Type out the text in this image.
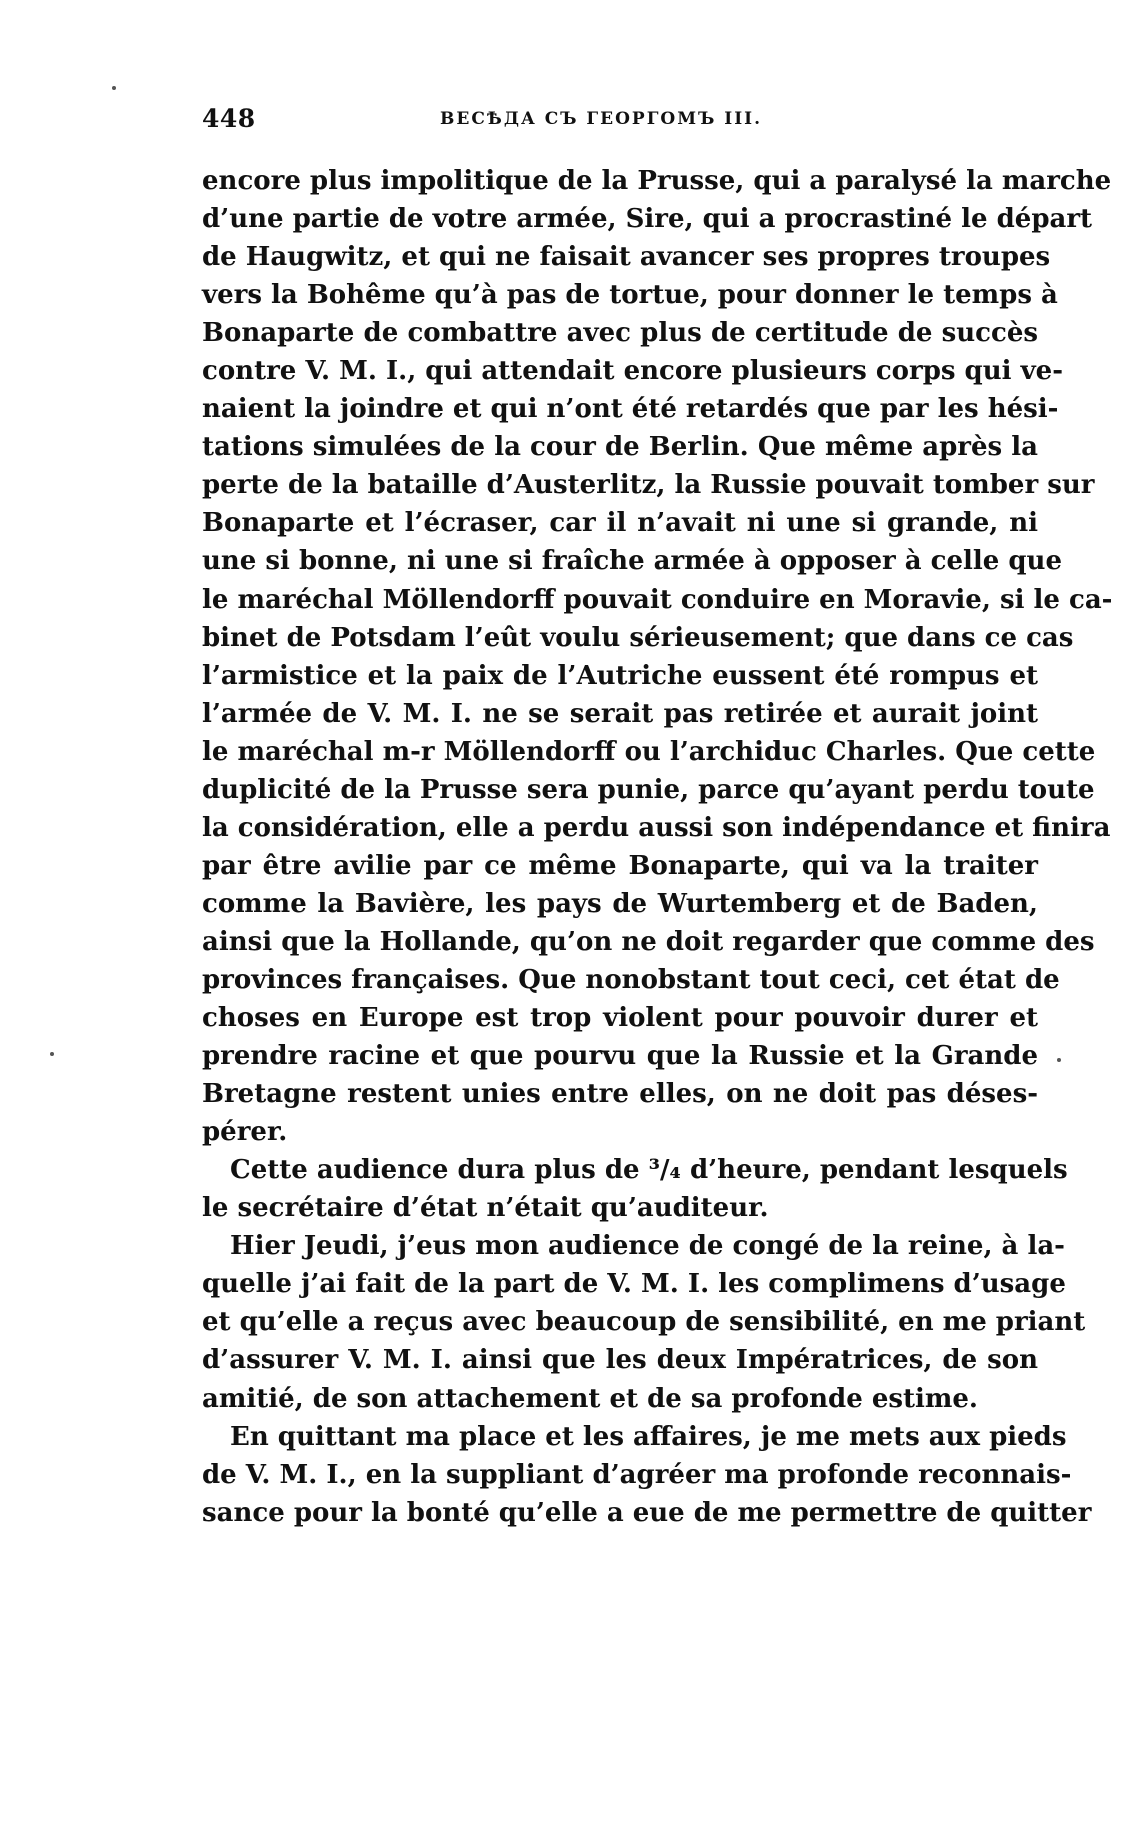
448	ВЕСѢДА СЪ ГЕОРГОМЪ III.
encore plus impolitique de la Prusse, qui a paralysé la marche
d’une partie de votre armée, Sire, qui a procrastiné le départ
de Haugwitz, et qui ne faisait avancer ses propres troupes
vers la Bohême qu’à pas de tortue, pour donner le temps à
Bonaparte de combattre avec plus de certitude de succès
contre V. M. I., qui attendait encore plusieurs corps qui ve-
naient la joindre et qui n’ont été retardés que par les hési-
tations simulées de la cour de Berlin. Que même après la
perte de la bataille d’Austerlitz, la Russie pouvait tomber sur
Bonaparte et l’écraser, car il n’avait ni une si grande, ni
une si bonne, ni une si fraîche armée à opposer à celle que
le maréchal Möllendorff pouvait conduire en Moravie, si le ca-
binet de Potsdam l’eût voulu sérieusement; que dans ce cas
l’armistice et la paix de l’Autriche eussent été rompus et
l’armée de V. M. I. ne se serait pas retirée et aurait joint
le maréchal m-r Möllendorff ou l’archiduc Charles. Que cette
duplicité de la Prusse sera punie, parce qu’ayant perdu toute
la considération, elle a perdu aussi son indépendance et finira
par être avilie par ce même Bonaparte, qui va la traiter
comme la Bavière, les pays de Wurtemberg et de Baden,
ainsi que la Hollande, qu’on ne doit regarder que comme des
provinces françaises. Que nonobstant tout ceci, cet état de
choses en Europe est trop violent pour pouvoir durer et
prendre racine et que pourvu que la Russie et la Grande
Bretagne restent unies entre elles, on ne doit pas déses-
pérer.
Cette audience dura plus de ³/₄ d’heure, pendant lesquels
le secrétaire d’état n’était qu’auditeur.
Hier Jeudi, j’eus mon audience de congé de la reine, à la-
quelle j’ai fait de la part de V. M. I. les complimens d’usage
et qu’elle a reçus avec beaucoup de sensibilité, en me priant
d’assurer V. M. I. ainsi que les deux Impératrices, de son
amitié, de son attachement et de sa profonde estime.
En quittant ma place et les affaires, je me mets aux pieds
de V. M. I., en la suppliant d’agréer ma profonde reconnais-
sance pour la bonté qu’elle a eue de me permettre de quitter
